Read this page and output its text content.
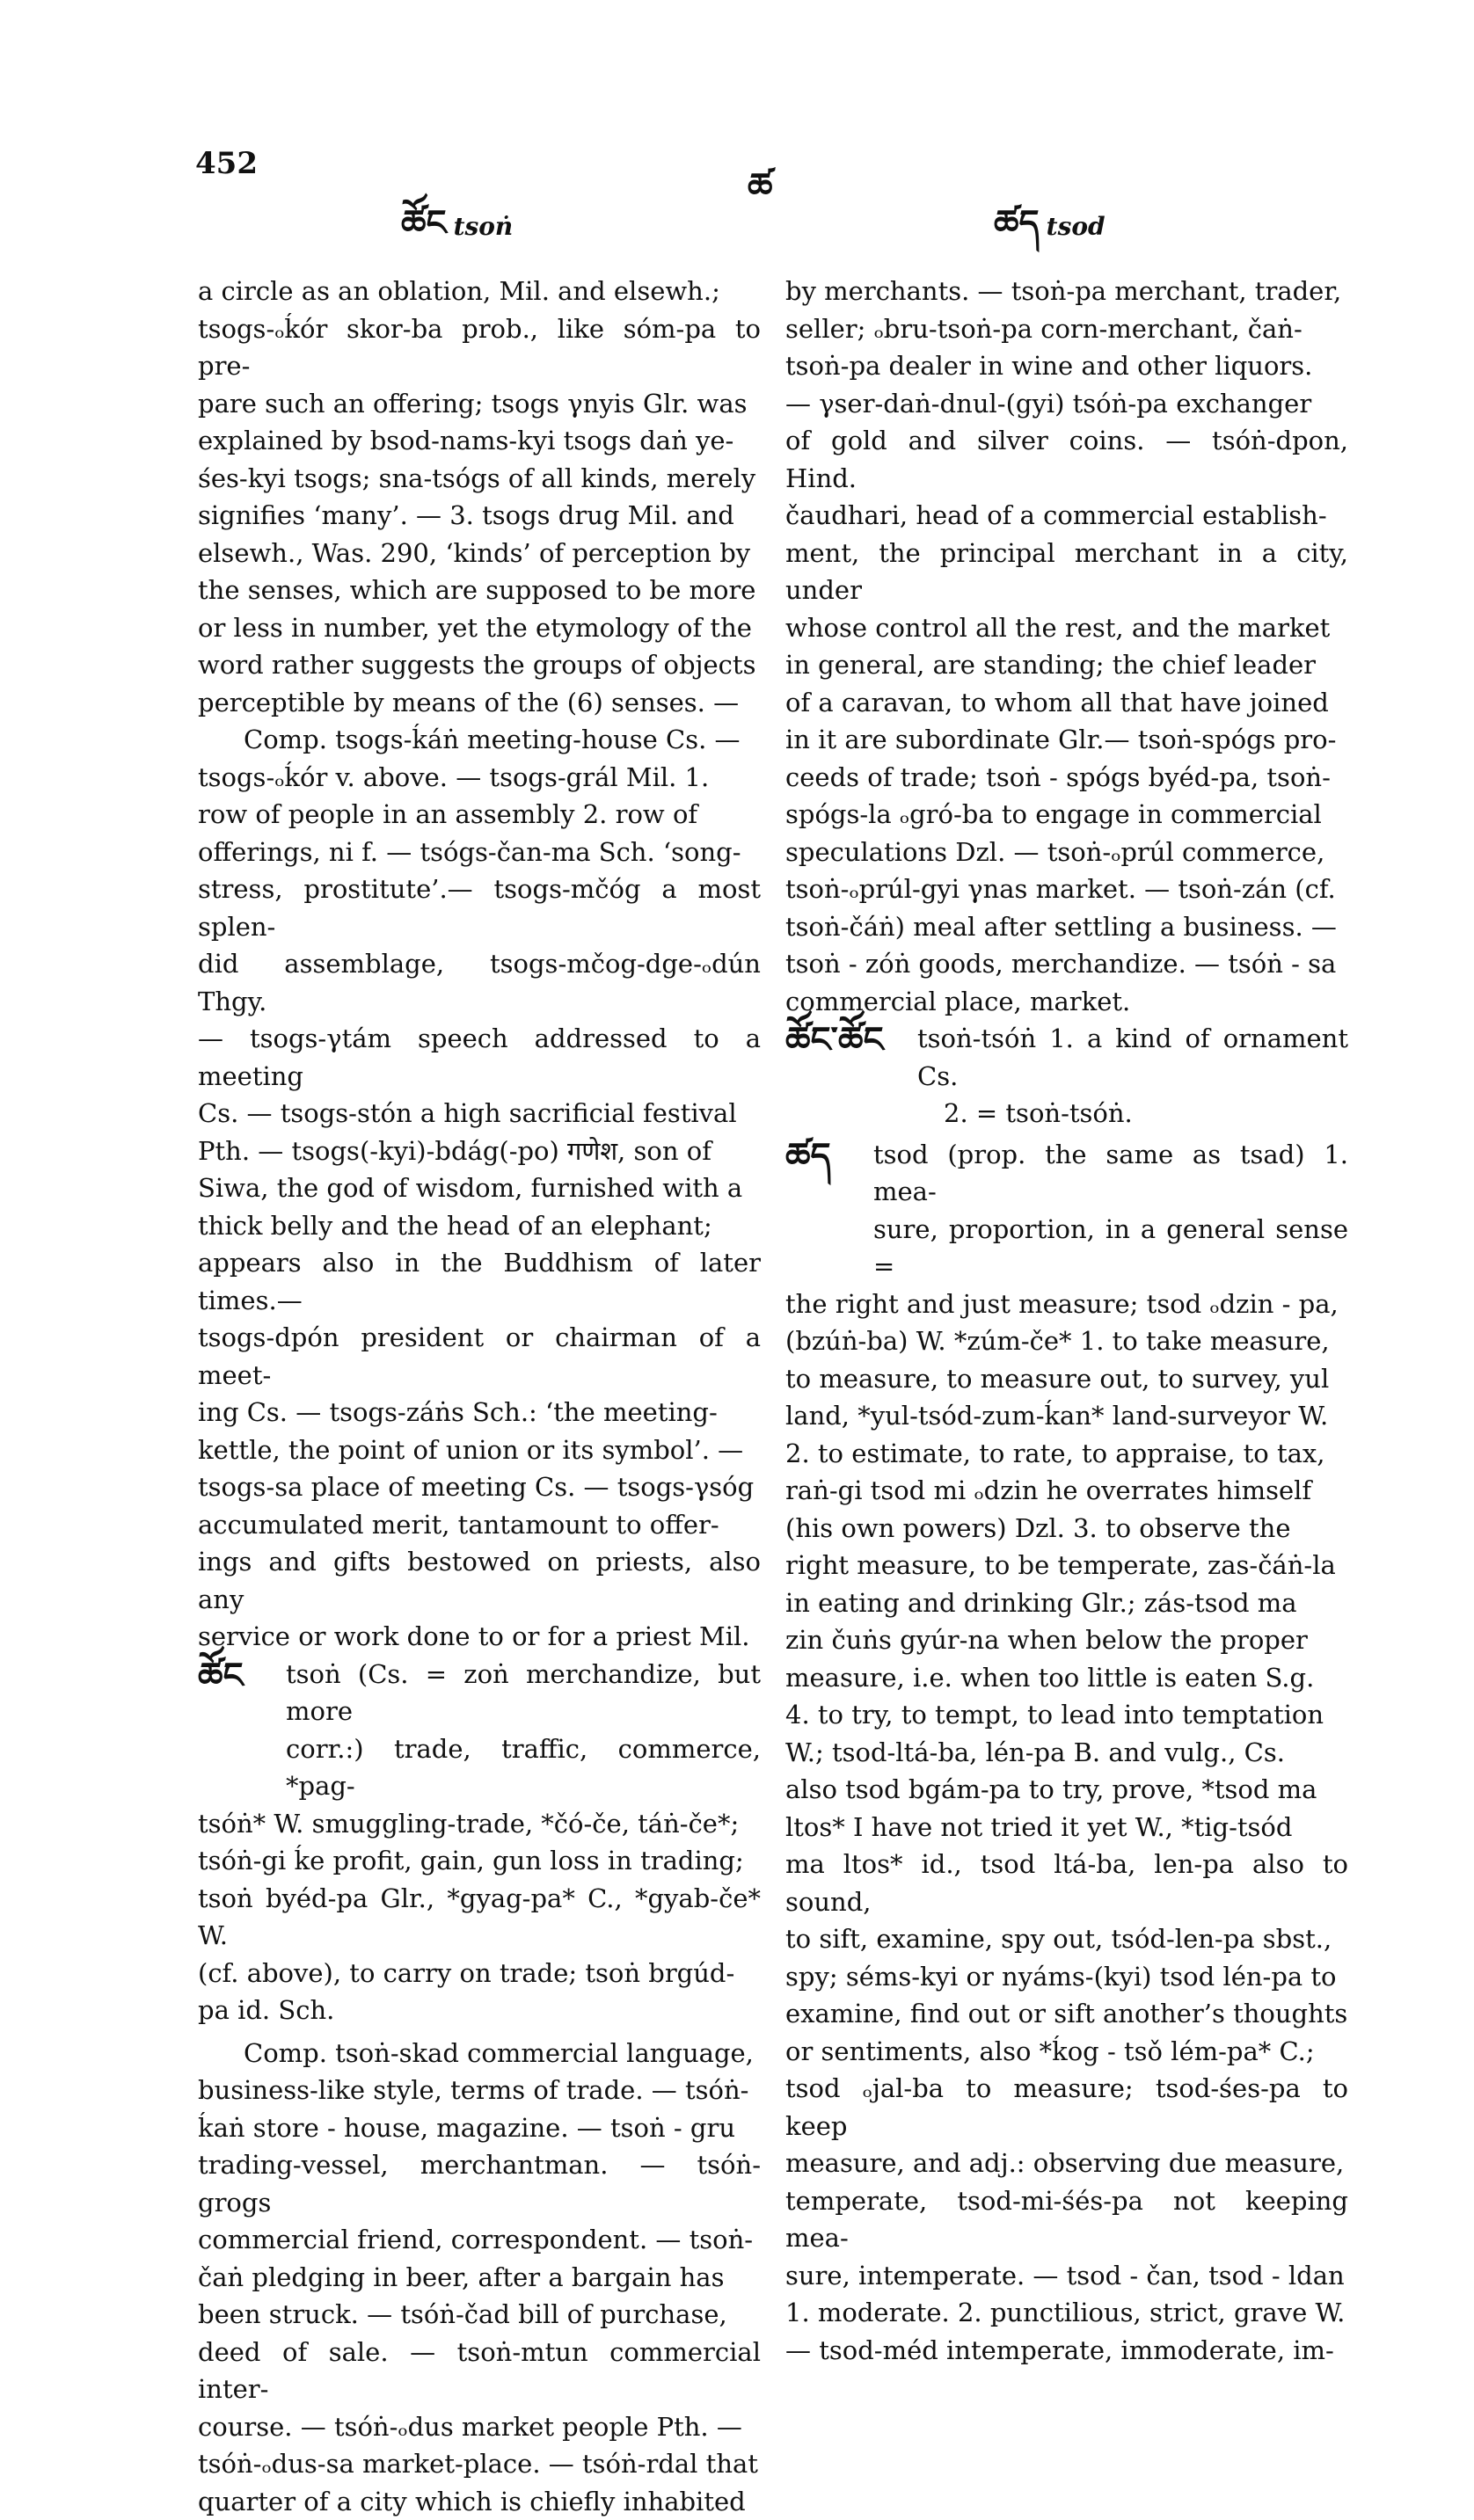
452
ཚོང tsoṅ
ཚ
ཚད tsod

a circle as an oblation, Mil. and elsewh.;

tsogs-ₒḱór skor-ba prob., like sóm-pa to pre-

pare such an offering; tsogs γnyis Glr. was

explained by bsod-nams-kyi tsogs daṅ ye-

śes-kyi tsogs; sna-tsógs of all kinds, merely

signifies ‘many’. — 3. tsogs drug Mil. and

elsewh., Was. 290, ‘kinds’ of perception by

the senses, which are supposed to be more

or less in number, yet the etymology of the

word rather suggests the groups of objects

perceptible by means of the (6) senses. —

Comp. tsogs-ḱáṅ meeting-house Cs. —

tsogs-ₒḱór v. above. — tsogs-grál Mil. 1.

row of people in an assembly 2. row of

offerings, ni f. — tsógs-čan-ma Sch. ‘song-

stress, prostitute’.— tsogs-mčóg a most splen-

did assemblage, tsogs-mčog-dge-ₒdún Thgy.

— tsogs-γtám speech addressed to a meeting

Cs. — tsogs-stón a high sacrificial festival

Pth. — tsogs(-kyi)-bdág(-po) गणेश, son of

Siwa, the god of wisdom, furnished with a

thick belly and the head of an elephant;

appears also in the Buddhism of later times.—

tsogs-dpón president or chairman of a meet-

ing Cs. — tsogs-záṅs Sch.: ‘the meeting-

kettle, the point of union or its symbol’. —

tsogs-sa place of meeting Cs. — tsogs-γsóg

accumulated merit, tantamount to offer-

ings and gifts bestowed on priests, also any

service or work done to or for a priest Mil.

ཚོང	tsoṅ (Cs. = zoṅ merchandize, but more

corr.:) trade, traffic, commerce, *pag-

tsóṅ* W. smuggling-trade, *čó-če, táṅ-če*;

tsóṅ-gi ḱe profit, gain, gun loss in trading;

tsoṅ byéd-pa Glr., *gyag-pa* C., *gyab-če* W.

(cf. above), to carry on trade; tsoṅ brgúd-

pa id. Sch.

Comp. tsoṅ-skad commercial language,

business-like style, terms of trade. — tsóṅ-

ḱaṅ store - house, magazine. — tsoṅ - gru

trading-vessel, merchantman. — tsóṅ-grogs

commercial friend, correspondent. — tsoṅ-

čaṅ pledging in beer, after a bargain has

been struck. — tsóṅ-čad bill of purchase,

deed of sale. — tsoṅ-mtun commercial inter-

course. — tsóṅ-ₒdus market people Pth. —

tsóṅ-ₒdus-sa market-place. — tsóṅ-rdal that

quarter of a city which is chiefly inhabited

by merchants. — tsoṅ-pa merchant, trader,

seller; ₒbru-tsoṅ-pa corn-merchant, čaṅ-

tsoṅ-pa dealer in wine and other liquors.

— γser-daṅ-dnul-(gyi) tsóṅ-pa exchanger

of gold and silver coins. — tsóṅ-dpon, Hind.

čaudhari, head of a commercial establish-

ment, the principal merchant in a city, under

whose control all the rest, and the market

in general, are standing; the chief leader

of a caravan, to whom all that have joined

in it are subordinate Glr.— tsoṅ-spógs pro-

ceeds of trade; tsoṅ - spógs byéd-pa, tsoṅ-

spógs-la ₒgró-ba to engage in commercial

speculations Dzl. — tsoṅ-ₒprúl commerce,

tsoṅ-ₒprúl-gyi γnas market. — tsoṅ-zán (cf.

tsoṅ-čáṅ) meal after settling a business. —

tsoṅ - zóṅ goods, merchandize. — tsóṅ - sa

commercial place, market.

ཚོང་ཚོང	tsoṅ-tsóṅ 1. a kind of ornament Cs.

2. = tsoṅ-tsóṅ.

ཚད	tsod (prop. the same as tsad) 1. mea-

sure, proportion, in a general sense =

the right and just measure; tsod ₒdzin - pa,

(bzúṅ-ba) W. *zúm-če* 1. to take measure,

to measure, to measure out, to survey, yul

land, *yul-tsód-zum-ḱan* land-surveyor W.

2. to estimate, to rate, to appraise, to tax,

raṅ-gi tsod mi ₒdzin he overrates himself

(his own powers) Dzl. 3. to observe the

right measure, to be temperate, zas-čáṅ-la

in eating and drinking Glr.; zás-tsod ma

zin čuṅs gyúr-na when below the proper

measure, i.e. when too little is eaten S.g.

4. to try, to tempt, to lead into temptation

W.; tsod-ltá-ba, lén-pa B. and vulg., Cs.

also tsod bgám-pa to try, prove, *tsod ma

ltos* I have not tried it yet W., *tig-tsód

ma ltos* id., tsod ltá-ba, len-pa also to sound,

to sift, examine, spy out, tsód-len-pa sbst.,

spy; séms-kyi or nyáms-(kyi) tsod lén-pa to

examine, find out or sift another’s thoughts

or sentiments, also *ḱog - tsǒ lém-pa* C.;

tsod ₒjal-ba to measure; tsod-śes-pa to keep

measure, and adj.: observing due measure,

temperate, tsod-mi-śés-pa not keeping mea-

sure, intemperate. — tsod - čan, tsod - ldan

1. moderate. 2. punctilious, strict, grave W.

— tsod-méd intemperate, immoderate, im-
